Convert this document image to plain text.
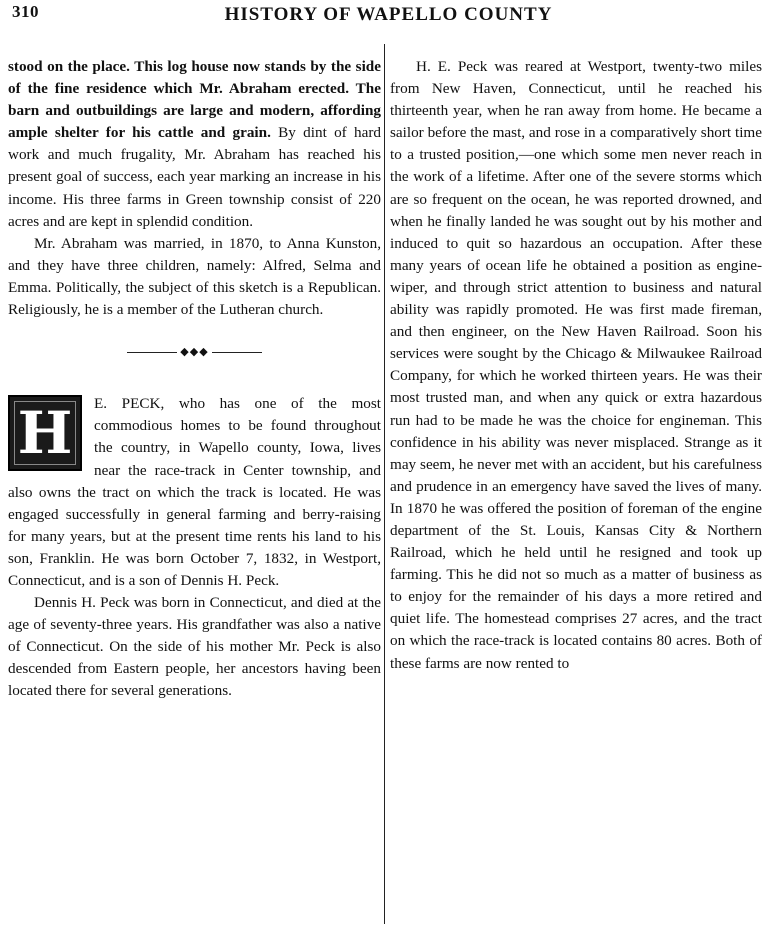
310	HISTORY OF WAPELLO COUNTY

stood on the place. This log house now stands by the side of the fine residence which Mr. Abraham erected. The barn and outbuildings are large and modern, affording ample shelter for his cattle and grain. By dint of hard work and much frugality, Mr. Abraham has reached his present goal of success, each year marking an increase in his income. His three farms in Green township consist of 220 acres and are kept in splendid condition.

Mr. Abraham was married, in 1870, to Anna Kunston, and they have three children, namely: Alfred, Selma and Emma. Politically, the subject of this sketch is a Republican. Religiously, he is a member of the Lutheran church.

◆◆◆

H	E. PECK, who has one of the most commodious homes to be found throughout the country, in Wapello county, Iowa, lives near the race-track in Center township, and also owns the tract on which the track is located. He was engaged successfully in general farming and berry-raising for many years, but at the present time rents his land to his son, Franklin. He was born October 7, 1832, in Westport, Connecticut, and is a son of Dennis H. Peck.

Dennis H. Peck was born in Connecticut, and died at the age of seventy-three years. His grandfather was also a native of Connecticut. On the side of his mother Mr. Peck is also descended from Eastern people, her ancestors having been located there for several generations.

H. E. Peck was reared at Westport, twenty-two miles from New Haven, Connecticut, until he reached his thirteenth year, when he ran away from home. He became a sailor before the mast, and rose in a comparatively short time to a trusted position,—one which some men never reach in the work of a lifetime. After one of the severe storms which are so frequent on the ocean, he was reported drowned, and when he finally landed he was sought out by his mother and induced to quit so hazardous an occupation. After these many years of ocean life he obtained a position as engine-wiper, and through strict attention to business and natural ability was rapidly promoted. He was first made fireman, and then engineer, on the New Haven Railroad. Soon his services were sought by the Chicago & Milwaukee Railroad Company, for which he worked thirteen years. He was their most trusted man, and when any quick or extra hazardous run had to be made he was the choice for engineman. This confidence in his ability was never misplaced. Strange as it may seem, he never met with an accident, but his carefulness and prudence in an emergency have saved the lives of many. In 1870 he was offered the position of foreman of the engine department of the St. Louis, Kansas City & Northern Railroad, which he held until he resigned and took up farming. This he did not so much as a matter of business as to enjoy for the remainder of his days a more retired and quiet life. The homestead comprises 27 acres, and the tract on which the race-track is located contains 80 acres. Both of these farms are now rented to
